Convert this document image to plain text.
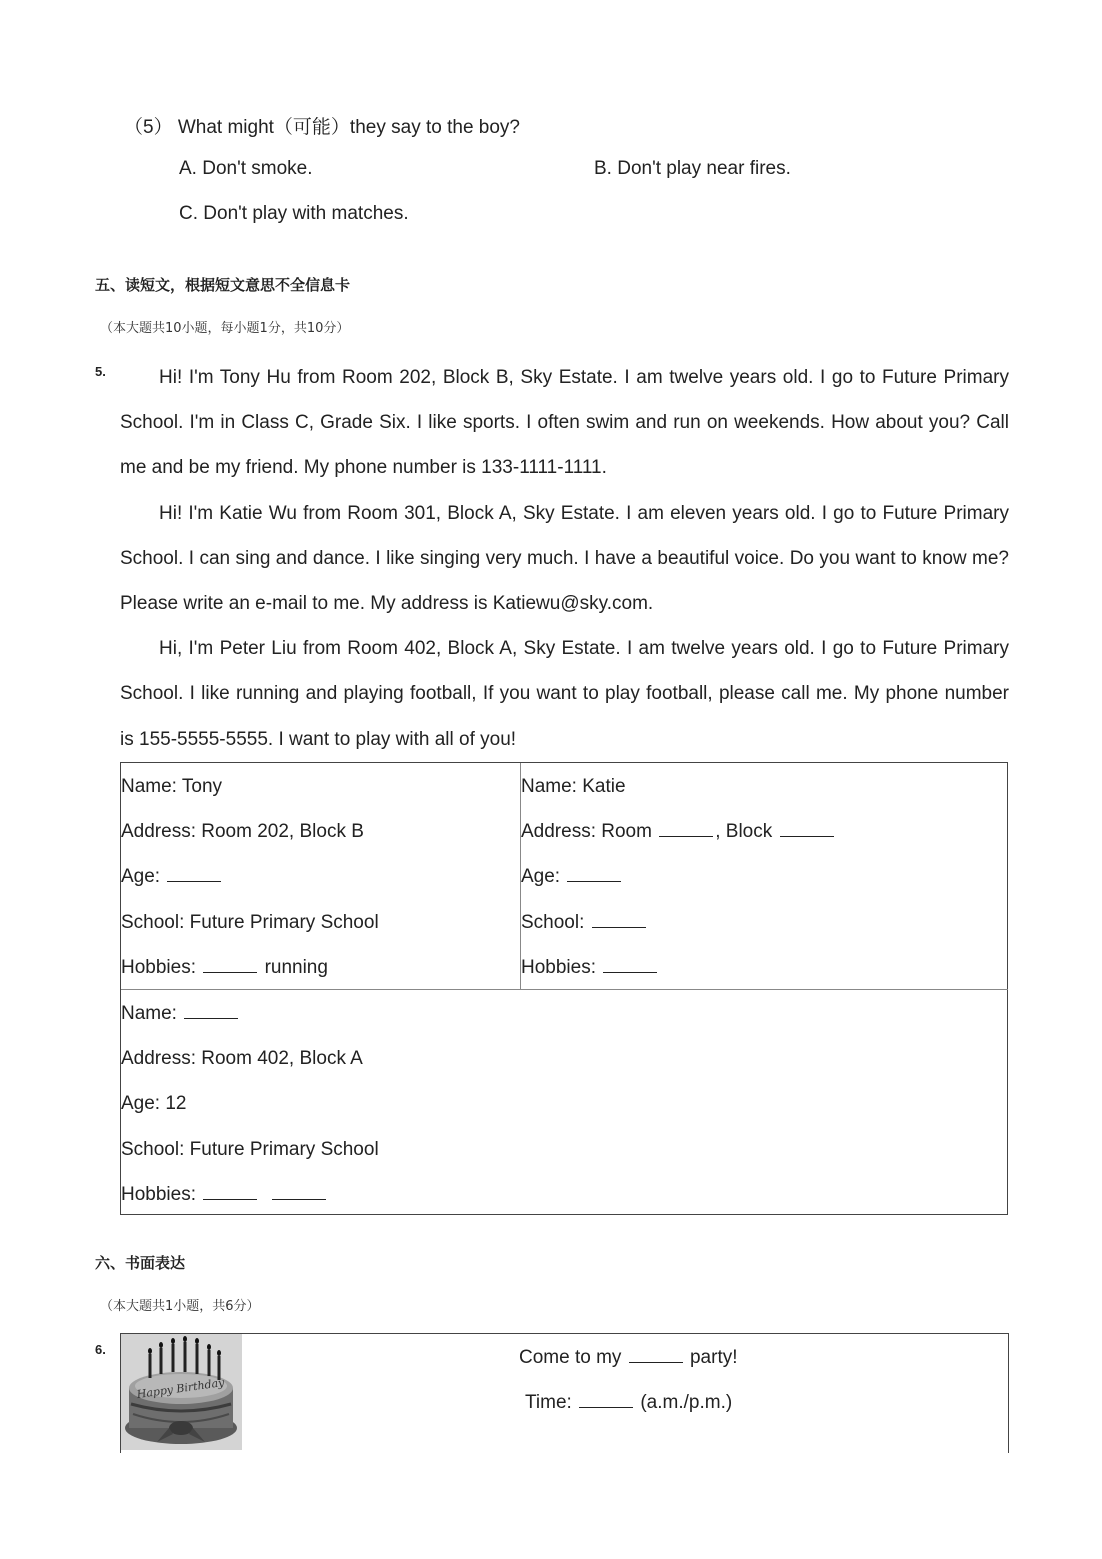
（5） What might（可能）they say to the boy?
A. Don't smoke.	B. Don't play near fires.
C. Don't play with matches.
五、读短文，根据短文意思不全信息卡
（本大题共10小题，每小题1分，共10分）
5.	Hi! I'm Tony Hu from Room 202, Block B, Sky Estate. I am twelve years old. I go to Future Primary School. I'm in Class C, Grade Six. I like sports. I often swim and run on weekends. How about you? Call me and be my friend. My phone number is 133-1111-1111.

Hi! I'm Katie Wu from Room 301, Block A, Sky Estate. I am eleven years old. I go to Future Primary School. I can sing and dance. I like singing very much. I have a beautiful voice. Do you want to know me? Please write an e-mail to me. My address is Katiewu@sky.com.

Hi, I'm Peter Liu from Room 402, Block A, Sky Estate. I am twelve years old. I go to Future Primary School. I like running and playing football, If you want to play football, please call me. My phone number is 155-5555-5555. I want to play with all of you!

Name: Tony
Address: Room 202, Block B
Age:
School: Future Primary School
Hobbies:	running
Name: Katie
Address: Room	, Block
Age:
School:
Hobbies:
Name:
Address: Room 402, Block A
Age: 12
School: Future Primary School
Hobbies:
六、书面表达
（本大题共1小题，共6分）
6.
Happy Birthday
Come to my	party!
Time:	(a.m./p.m.)
